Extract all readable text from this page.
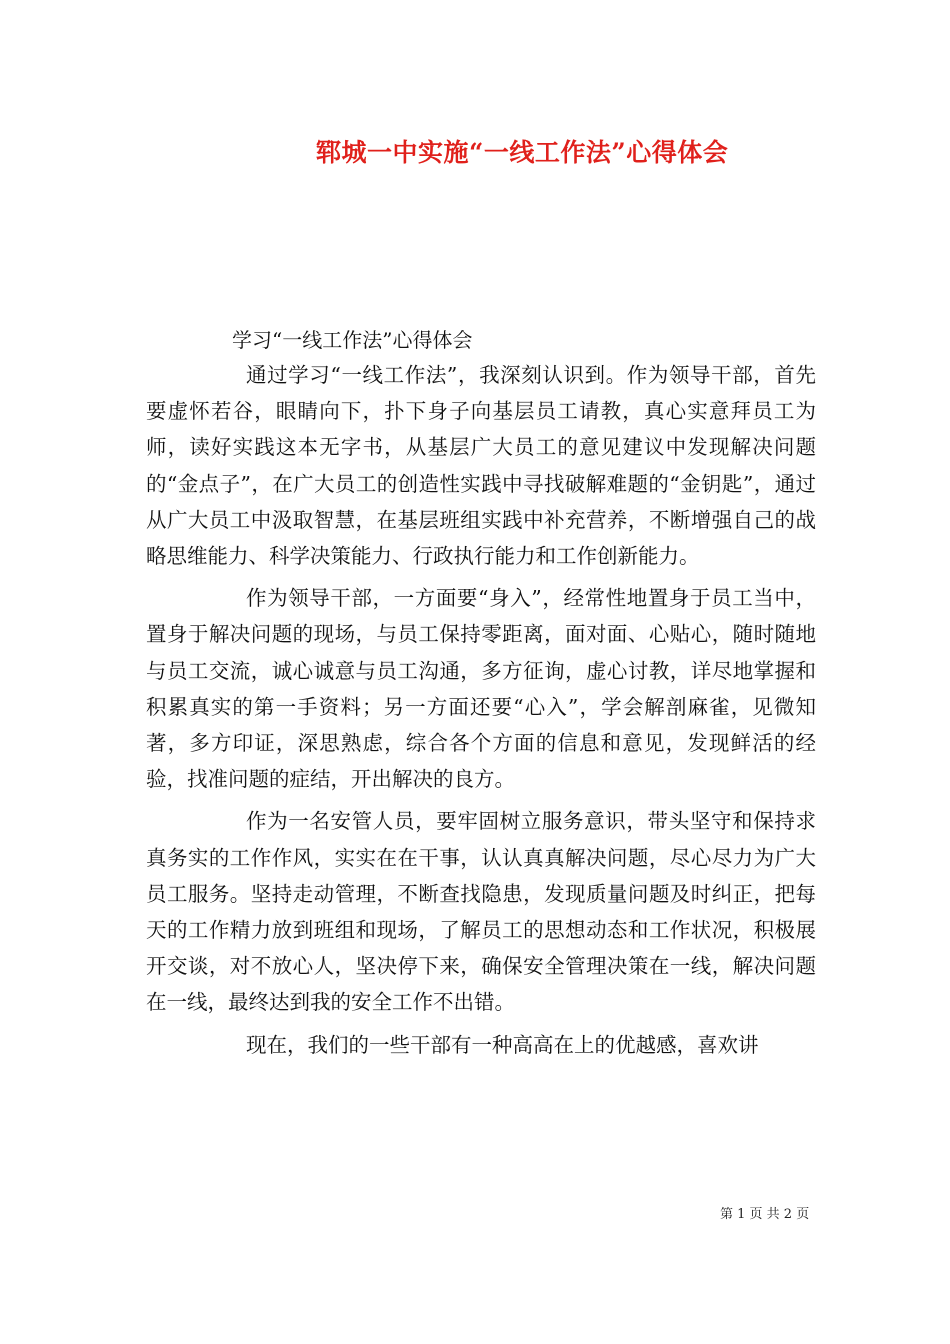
郓城一中实施“一线工作法”心得体会
学习“一线工作法”心得体会

通过学习“一线工作法”，我深刻认识到。作为领导干部，首先要虚怀若谷，眼睛向下，扑下身子向基层员工请教，真心实意拜员工为师，读好实践这本无字书，从基层广大员工的意见建议中发现解决问题的“金点子”，在广大员工的创造性实践中寻找破解难题的“金钥匙”，通过从广大员工中汲取智慧，在基层班组实践中补充营养，不断增强自己的战略思维能力、科学决策能力、行政执行能力和工作创新能力。

作为领导干部，一方面要“身入”，经常性地置身于员工当中，置身于解决问题的现场，与员工保持零距离，面对面、心贴心，随时随地与员工交流，诚心诚意与员工沟通，多方征询，虚心讨教，详尽地掌握和积累真实的第一手资料；另一方面还要“心入”，学会解剖麻雀，见微知著，多方印证，深思熟虑，综合各个方面的信息和意见，发现鲜活的经验，找准问题的症结，开出解决的良方。

作为一名安管人员，要牢固树立服务意识，带头坚守和保持求真务实的工作作风，实实在在干事，认认真真解决问题，尽心尽力为广大员工服务。坚持走动管理，不断查找隐患，发现质量问题及时纠正，把每天的工作精力放到班组和现场，了解员工的思想动态和工作状况，积极展开交谈，对不放心人，坚决停下来，确保安全管理决策在一线，解决问题在一线，最终达到我的安全工作不出错。

现在，我们的一些干部有一种高高在上的优越感，喜欢讲

第 1 页 共 2 页
